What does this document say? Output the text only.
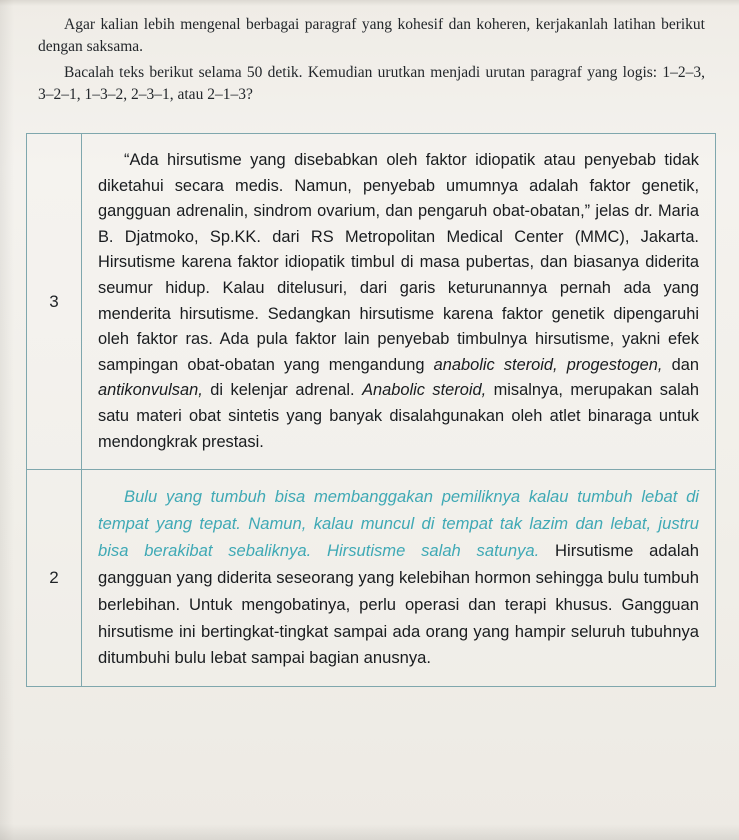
Agar kalian lebih mengenal berbagai paragraf yang kohesif dan koheren, kerjakanlah latihan berikut dengan saksama.

Bacalah teks berikut selama 50 detik. Kemudian urutkan menjadi urutan paragraf yang logis: 1–2–3, 3–2–1, 1–3–2, 2–3–1, atau 2–1–3?

3

“Ada hirsutisme yang disebabkan oleh faktor idiopatik atau penyebab tidak diketahui secara medis. Namun, penyebab umumnya adalah faktor genetik, gangguan adrenalin, sindrom ovarium, dan pengaruh obat-obatan,” jelas dr. Maria B. Djatmoko, Sp.KK. dari RS Metropolitan Medical Center (MMC), Jakarta. Hirsutisme karena faktor idiopatik timbul di masa pubertas, dan biasanya diderita seumur hidup. Kalau ditelusuri, dari garis keturunannya pernah ada yang menderita hirsutisme. Sedangkan hirsutisme karena faktor genetik dipengaruhi oleh faktor ras. Ada pula faktor lain penyebab timbulnya hirsutisme, yakni efek sampingan obat-obatan yang mengandung anabolic steroid, progestogen, dan antikonvulsan, di kelenjar adrenal. Anabolic steroid, misalnya, merupakan salah satu materi obat sintetis yang banyak disalahgunakan oleh atlet binaraga untuk mendongkrak prestasi.

2

Bulu yang tumbuh bisa membanggakan pemiliknya kalau tumbuh lebat di tempat yang tepat. Namun, kalau muncul di tempat tak lazim dan lebat, justru bisa berakibat sebaliknya. Hirsutisme salah satunya. Hirsutisme adalah gangguan yang diderita seseorang yang kelebihan hormon sehingga bulu tumbuh berlebihan. Untuk mengobatinya, perlu operasi dan terapi khusus. Gangguan hirsutisme ini bertingkat-tingkat sampai ada orang yang hampir seluruh tubuhnya ditumbuhi bulu lebat sampai bagian anusnya.
